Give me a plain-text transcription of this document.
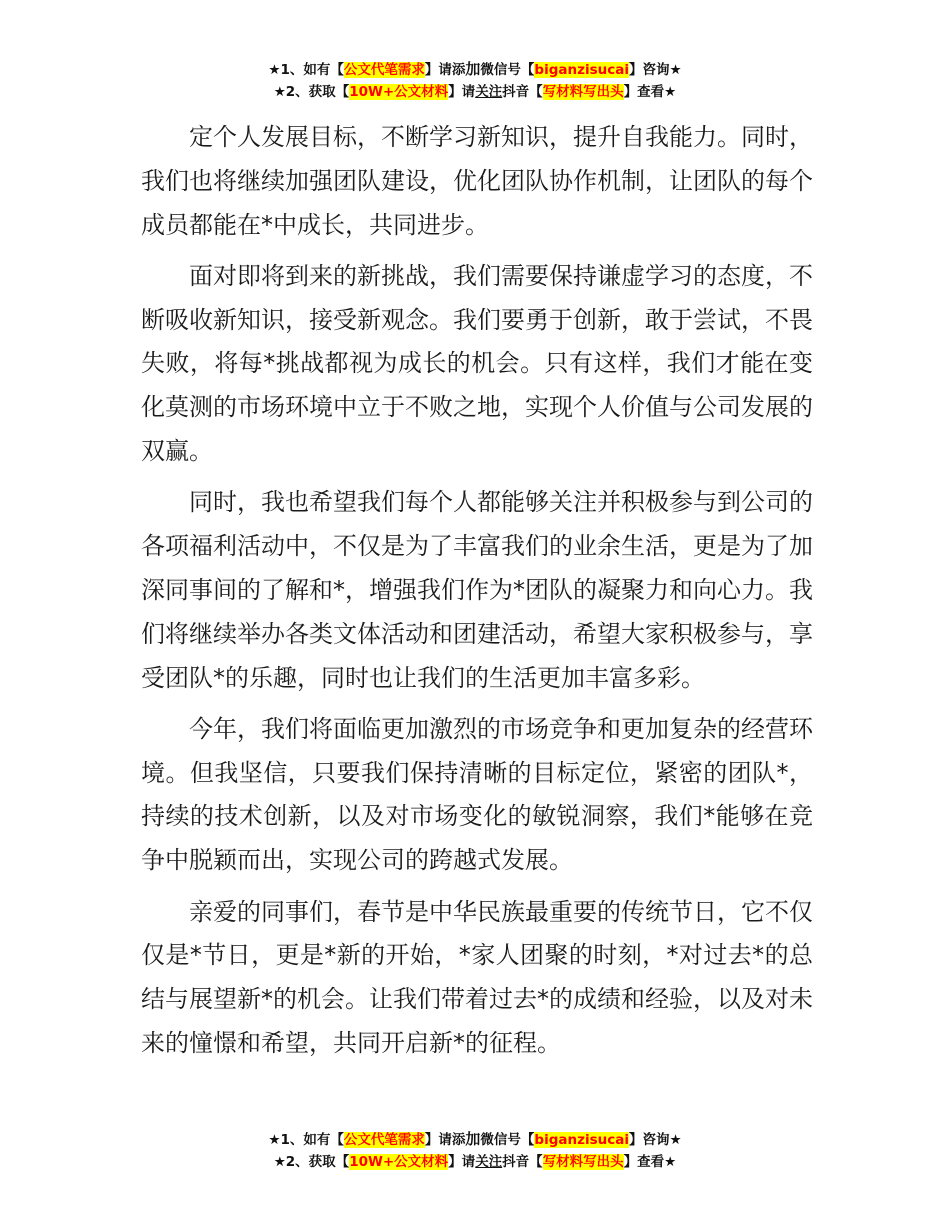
★1、如有【公文代笔需求】请添加微信号【biganzisucai】咨询★
★2、获取【10W+公文材料】请关注抖音【写材料写出头】查看★

定个人发展目标，不断学习新知识，提升自我能力。同时，我们也将继续加强团队建设，优化团队协作机制，让团队的每个成员都能在*中成长，共同进步。

面对即将到来的新挑战，我们需要保持谦虚学习的态度，不断吸收新知识，接受新观念。我们要勇于创新，敢于尝试，不畏失败，将每*挑战都视为成长的机会。只有这样，我们才能在变化莫测的市场环境中立于不败之地，实现个人价值与公司发展的双赢。

同时，我也希望我们每个人都能够关注并积极参与到公司的各项福利活动中，不仅是为了丰富我们的业余生活，更是为了加深同事间的了解和*，增强我们作为*团队的凝聚力和向心力。我们将继续举办各类文体活动和团建活动，希望大家积极参与，享受团队*的乐趣，同时也让我们的生活更加丰富多彩。

今年，我们将面临更加激烈的市场竞争和更加复杂的经营环境。但我坚信，只要我们保持清晰的目标定位，紧密的团队*，持续的技术创新，以及对市场变化的敏锐洞察，我们*能够在竞争中脱颖而出，实现公司的跨越式发展。

亲爱的同事们，春节是中华民族最重要的传统节日，它不仅仅是*节日，更是*新的开始，*家人团聚的时刻，*对过去*的总结与展望新*的机会。让我们带着过去*的成绩和经验，以及对未来的憧憬和希望，共同开启新*的征程。

★1、如有【公文代笔需求】请添加微信号【biganzisucai】咨询★
★2、获取【10W+公文材料】请关注抖音【写材料写出头】查看★
